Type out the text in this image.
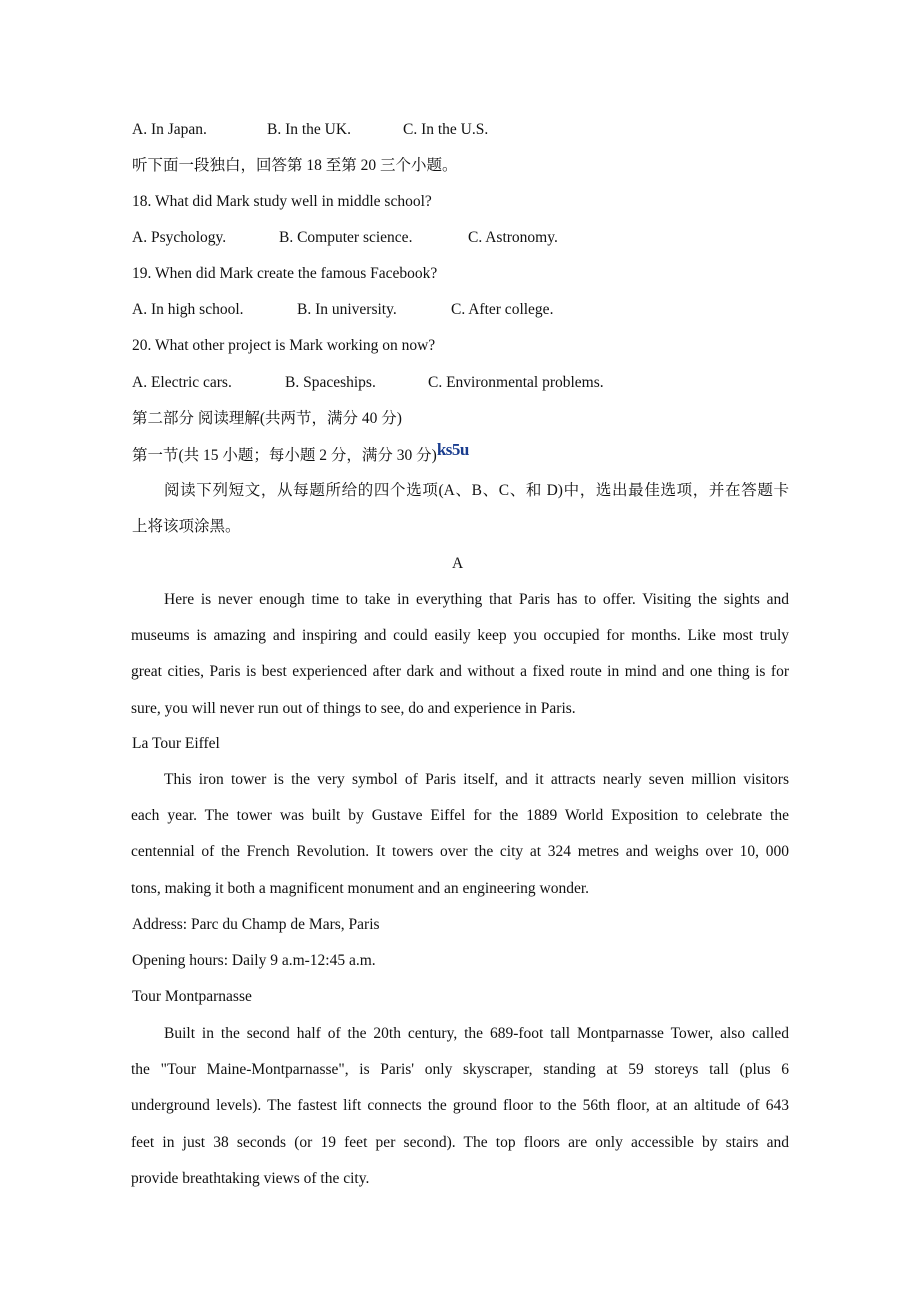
A. In Japan.	B. In the UK.	C. In the U.S.
听下面一段独白，回答第 18 至第 20 三个小题。
18. What did Mark study well in middle school?
A. Psychology.	B. Computer science.	C. Astronomy.
19. When did Mark create the famous Facebook?
A. In high school.	B. In university.	C. After college.
20. What other project is Mark working on now?
A. Electric cars.	B. Spaceships.	C. Environmental problems.
第二部分 阅读理解(共两节，满分 40 分)
第一节(共 15 小题；每小题 2 分，满分 30 分)ks5u
阅读下列短文，从每题所给的四个选项(A、B、C、和 D)中，选出最佳选项，并在答题卡
上将该项涂黑。
A
Here is never enough time to take in everything that Paris has to offer. Visiting the sights and
museums is amazing and inspiring and could easily keep you occupied for months. Like most truly
great cities, Paris is best experienced after dark and without a fixed route in mind and one thing is for
sure, you will never run out of things to see, do and experience in Paris.
La Tour Eiffel
This iron tower is the very symbol of Paris itself, and it attracts nearly seven million visitors
each year. The tower was built by Gustave Eiffel for the 1889 World Exposition to celebrate the
centennial of the French Revolution. It towers over the city at 324 metres and weighs over 10, 000
tons, making it both a magnificent monument and an engineering wonder.
Address: Parc du Champ de Mars, Paris
Opening hours: Daily 9 a.m-12:45 a.m.
Tour Montparnasse
Built in the second half of the 20th century, the 689-foot tall Montparnasse Tower, also called
the "Tour Maine-Montparnasse", is Paris' only skyscraper, standing at 59 storeys tall (plus 6
underground levels). The fastest lift connects the ground floor to the 56th floor, at an altitude of 643
feet in just 38 seconds (or 19 feet per second). The top floors are only accessible by stairs and
provide breathtaking views of the city.
